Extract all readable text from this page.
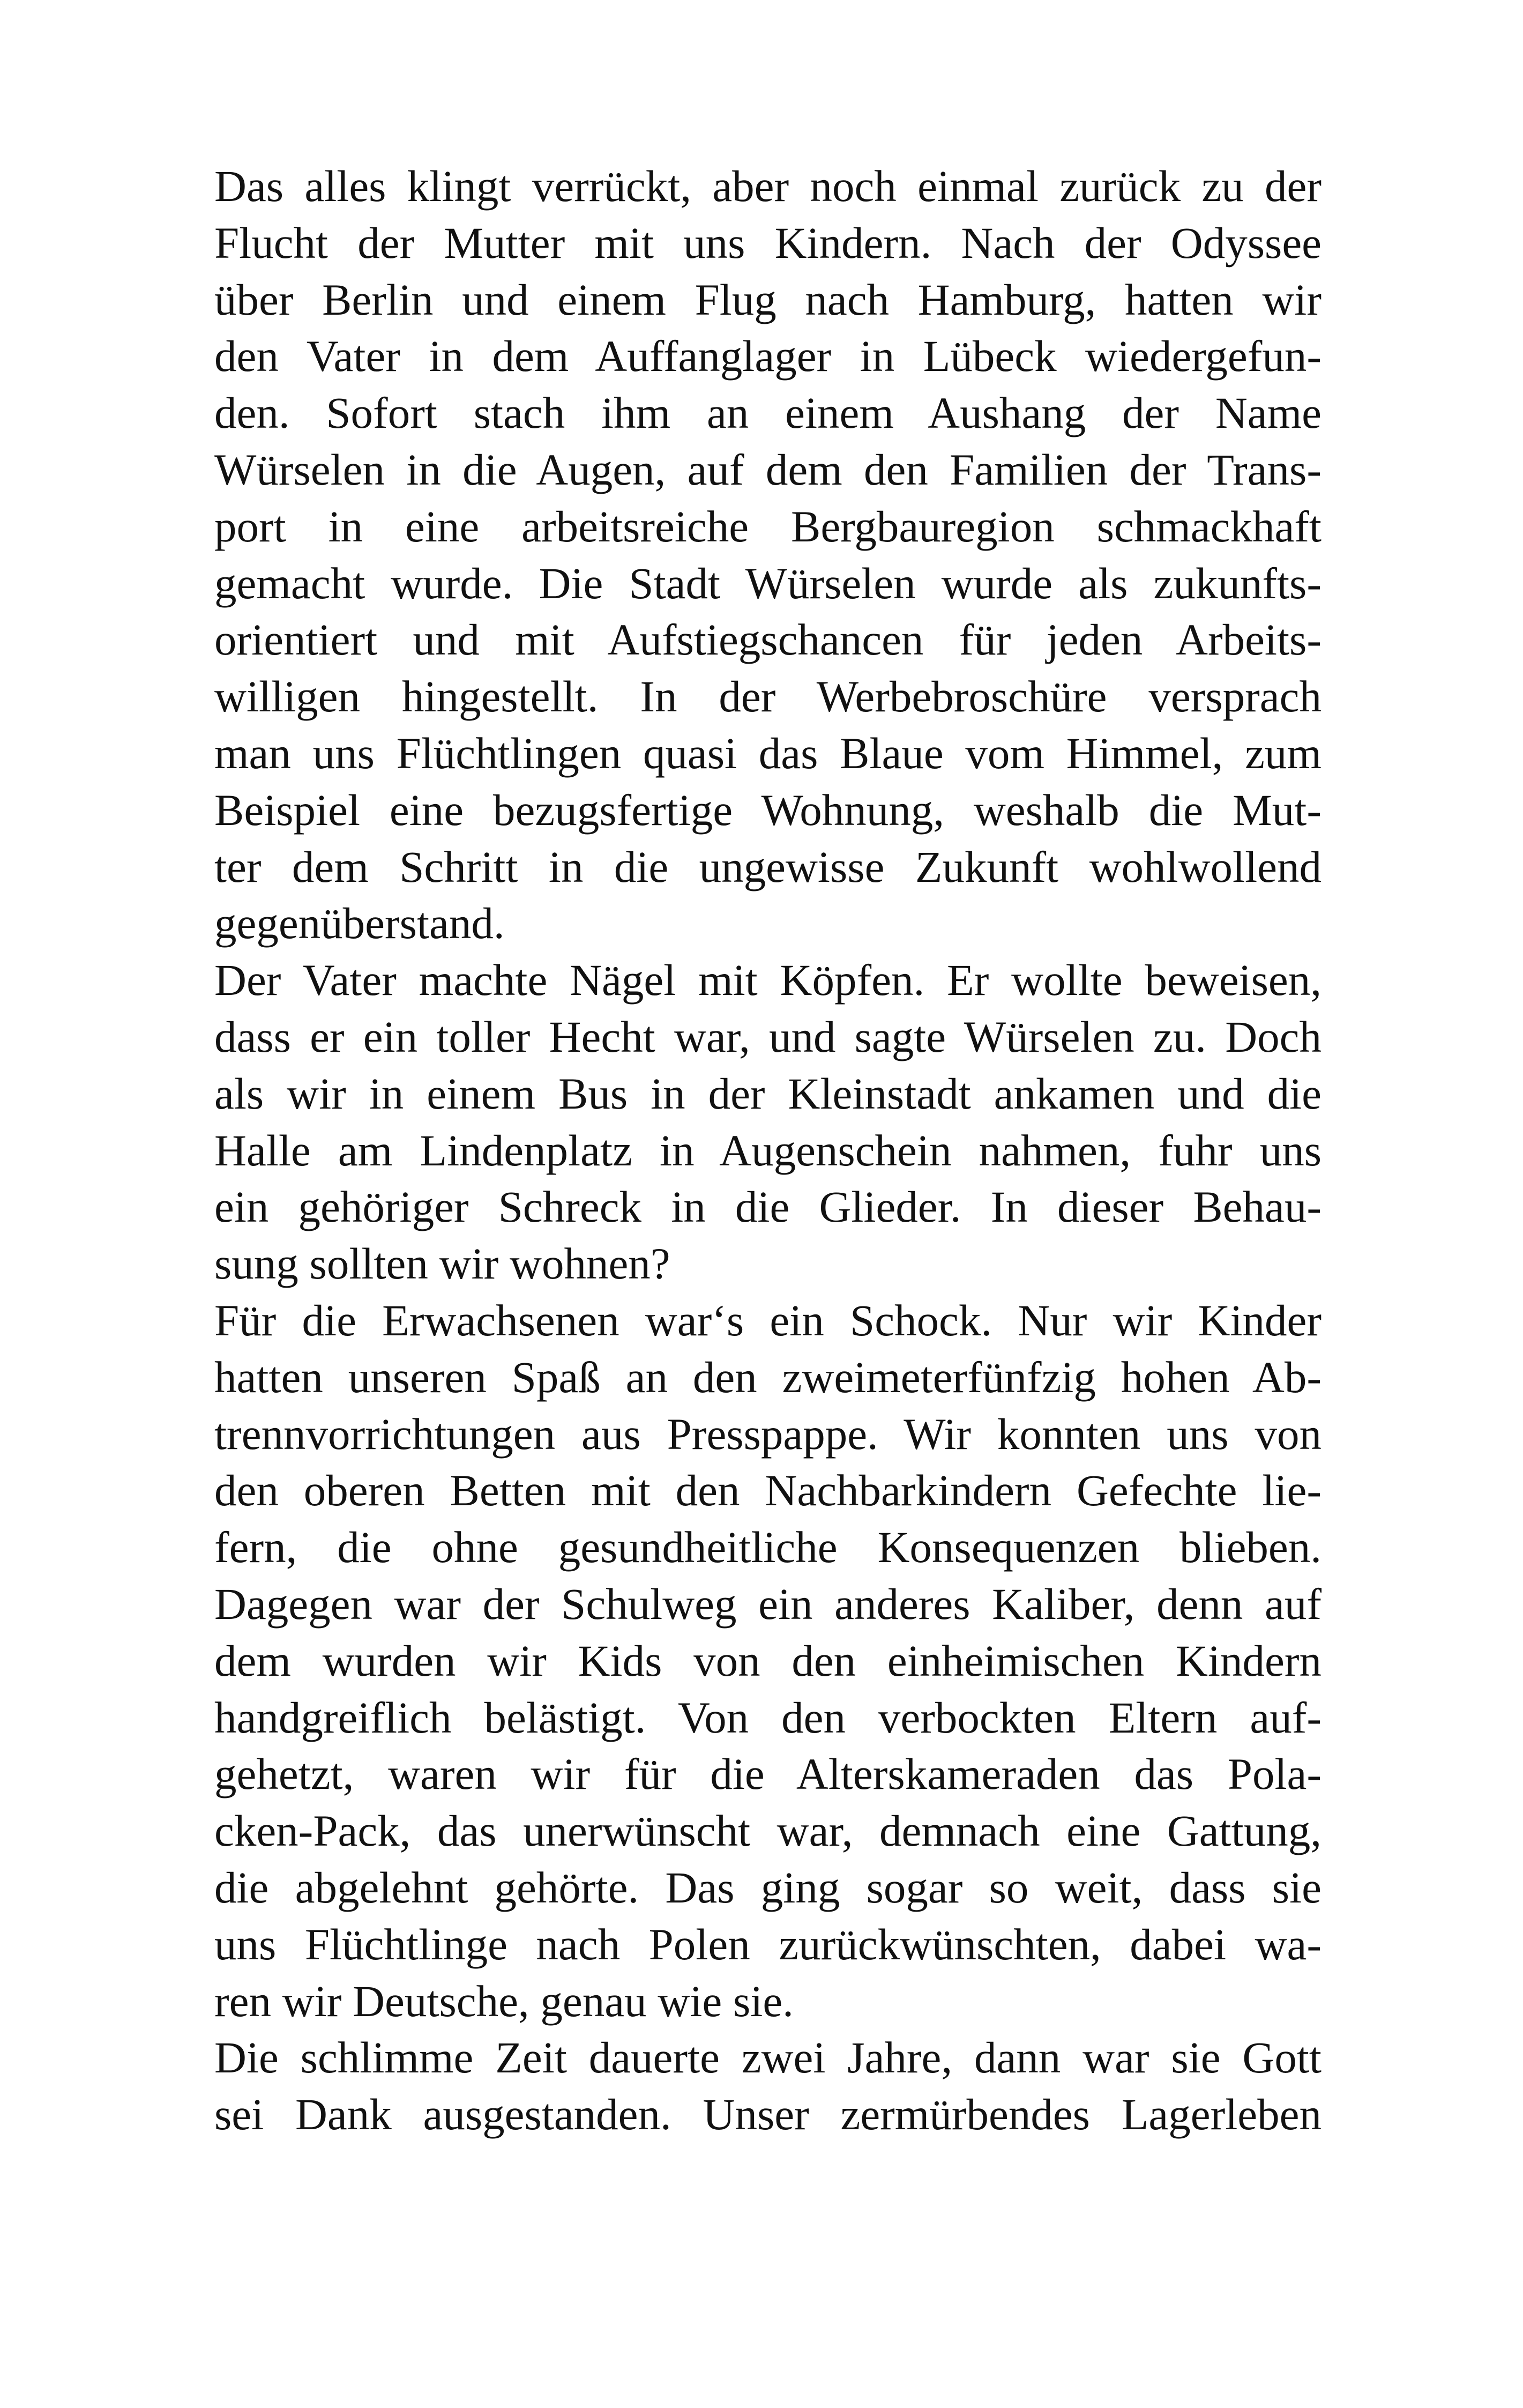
Das alles klingt verrückt, aber noch einmal zurück zu der
Flucht der Mutter mit uns Kindern. Nach der Odyssee
über Berlin und einem Flug nach Hamburg, hatten wir
den Vater in dem Auffanglager in Lübeck wiedergefun-
den. Sofort stach ihm an einem Aushang der Name
Würselen in die Augen, auf dem den Familien der Trans-
port in eine arbeitsreiche Bergbauregion schmackhaft
gemacht wurde. Die Stadt Würselen wurde als zukunfts-
orientiert und mit Aufstiegschancen für jeden Arbeits-
willigen hingestellt. In der Werbebroschüre versprach
man uns Flüchtlingen quasi das Blaue vom Himmel, zum
Beispiel eine bezugsfertige Wohnung, weshalb die Mut-
ter dem Schritt in die ungewisse Zukunft wohlwollend
gegenüberstand.
Der Vater machte Nägel mit Köpfen. Er wollte beweisen,
dass er ein toller Hecht war, und sagte Würselen zu. Doch
als wir in einem Bus in der Kleinstadt ankamen und die
Halle am Lindenplatz in Augenschein nahmen, fuhr uns
ein gehöriger Schreck in die Glieder. In dieser Behau-
sung sollten wir wohnen?
Für die Erwachsenen war‘s ein Schock. Nur wir Kinder
hatten unseren Spaß an den zweimeterfünfzig hohen Ab-
trennvorrichtungen aus Presspappe. Wir konnten uns von
den oberen Betten mit den Nachbarkindern Gefechte lie-
fern, die ohne gesundheitliche Konsequenzen blieben.
Dagegen war der Schulweg ein anderes Kaliber, denn auf
dem wurden wir Kids von den einheimischen Kindern
handgreiflich belästigt. Von den verbockten Eltern auf-
gehetzt, waren wir für die Alterskameraden das Pola-
cken-Pack, das unerwünscht war, demnach eine Gattung,
die abgelehnt gehörte. Das ging sogar so weit, dass sie
uns Flüchtlinge nach Polen zurückwünschten, dabei wa-
ren wir Deutsche, genau wie sie.
Die schlimme Zeit dauerte zwei Jahre, dann war sie Gott
sei Dank ausgestanden. Unser zermürbendes Lagerleben
